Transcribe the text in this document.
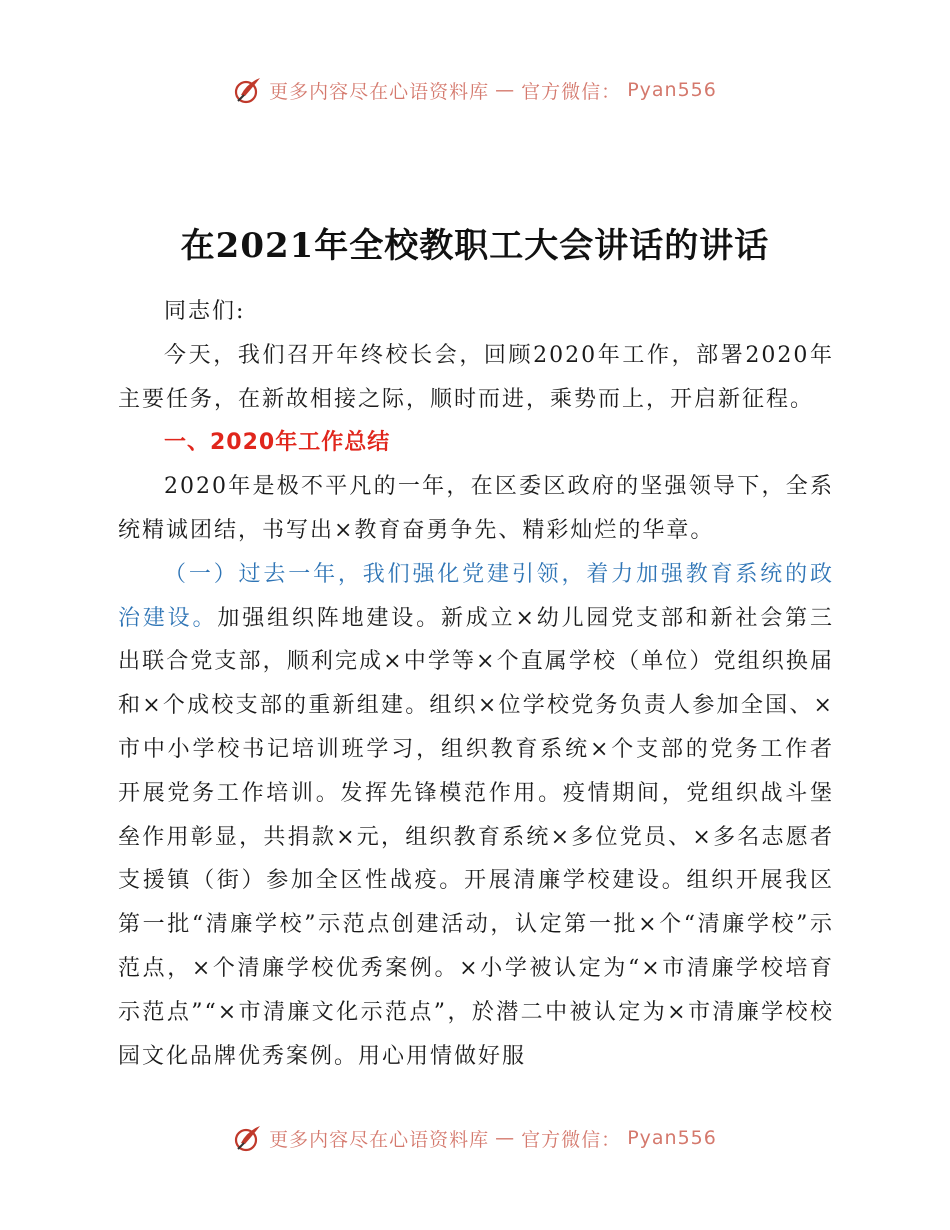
更多内容尽在心语资料库 — 官方微信： Pyan556
在2021年全校教职工大会讲话的讲话

同志们:

今天，我们召开年终校长会，回顾2020年工作，部署2020年主要任务，在新故相接之际，顺时而进，乘势而上，开启新征程。

一、2020年工作总结

2020年是极不平凡的一年，在区委区政府的坚强领导下，全系统精诚团结，书写出×教育奋勇争先、精彩灿烂的华章。

（一）过去一年，我们强化党建引领，着力加强教育系统的政治建设。加强组织阵地建设。新成立×幼儿园党支部和新社会第三出联合党支部，顺利完成×中学等×个直属学校（单位）党组织换届和×个成校支部的重新组建。组织×位学校党务负责人参加全国、×市中小学校书记培训班学习，组织教育系统×个支部的党务工作者开展党务工作培训。发挥先锋模范作用。疫情期间，党组织战斗堡垒作用彰显，共捐款×元，组织教育系统×多位党员、×多名志愿者支援镇（街）参加全区性战疫。开展清廉学校建设。组织开展我区第一批“清廉学校”示范点创建活动，认定第一批×个“清廉学校”示范点，×个清廉学校优秀案例。×小学被认定为“×市清廉学校培育示范点”“×市清廉文化示范点”，於潜二中被认定为×市清廉学校校园文化品牌优秀案例。用心用情做好服

更多内容尽在心语资料库 — 官方微信： Pyan556
